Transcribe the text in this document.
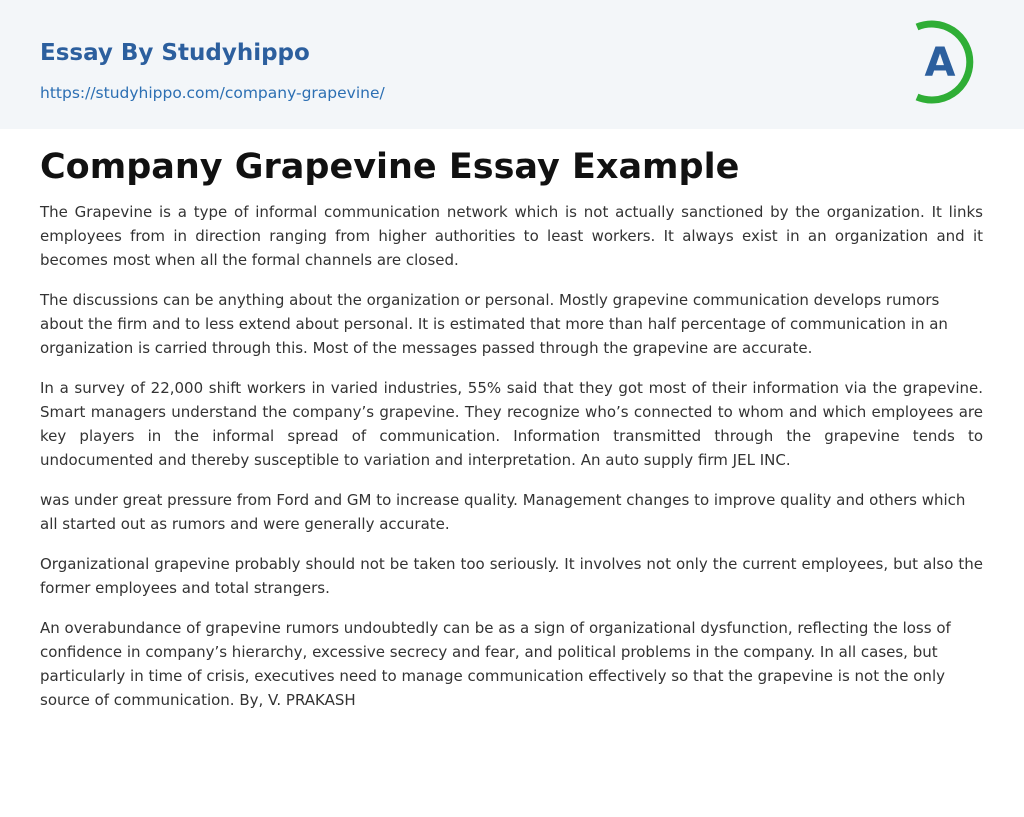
Essay By Studyhippo
https://studyhippo.com/company-grapevine/
A
Company Grapevine Essay Example

The Grapevine is a type of informal communication network which is not actually sanctioned by the organization. It links employees from in direction ranging from higher authorities to least workers. It always exist in an organization and it becomes most when all the formal channels are closed.

The discussions can be anything about the organization or personal. Mostly grapevine communication develops rumors about the firm and to less extend about personal. It is estimated that more than half percentage of communication in an organization is carried through this. Most of the messages passed through the grapevine are accurate.

In a survey of 22,000 shift workers in varied industries, 55% said that they got most of their information via the grapevine. Smart managers understand the company’s grapevine. They recognize who’s connected to whom and which employees are key players in the informal spread of communication. Information transmitted through the grapevine tends to undocumented and thereby susceptible to variation and interpretation. An auto supply firm JEL INC.

was under great pressure from Ford and GM to increase quality. Management changes to improve quality and others which all started out as rumors and were generally accurate.

Organizational grapevine probably should not be taken too seriously. It involves not only the current employees, but also the former employees and total strangers.

An overabundance of grapevine rumors undoubtedly can be as a sign of organizational dysfunction, reflecting the loss of confidence in company’s hierarchy, excessive secrecy and fear, and political problems in the company. In all cases, but particularly in time of crisis, executives need to manage communication effectively so that the grapevine is not the only source of communication. By, V. PRAKASH
